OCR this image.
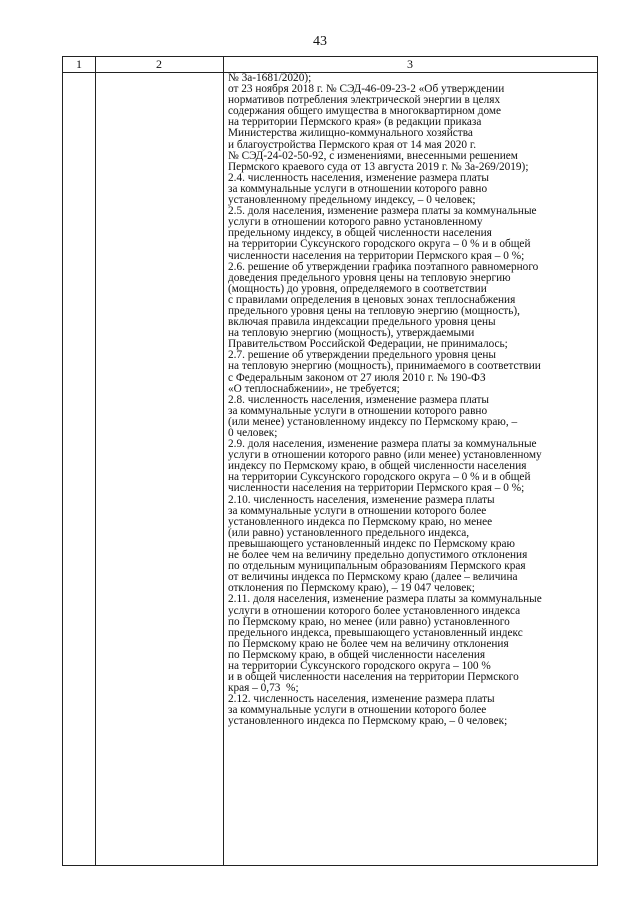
43
1	2	3
№ 3а-1681/2020);
от 23 ноября 2018 г. № СЭД-46-09-23-2 «Об утверждении
нормативов потребления электрической энергии в целях
содержания общего имущества в многоквартирном доме
на территории Пермского края» (в редакции приказа
Министерства жилищно-коммунального хозяйства
и благоустройства Пермского края от 14 мая 2020 г.
№ СЭД-24-02-50-92, с изменениями, внесенными решением
Пермского краевого суда от 13 августа 2019 г. № 3а-269/2019);
2.4. численность населения, изменение размера платы
за коммунальные услуги в отношении которого равно
установленному предельному индексу, – 0 человек;
2.5. доля населения, изменение размера платы за коммунальные
услуги в отношении которого равно установленному
предельному индексу, в общей численности населения
на территории Суксунского городского округа – 0 % и в общей
численности населения на территории Пермского края – 0 %;
2.6. решение об утверждении графика поэтапного равномерного
доведения предельного уровня цены на тепловую энергию
(мощность) до уровня, определяемого в соответствии
с правилами определения в ценовых зонах теплоснабжения
предельного уровня цены на тепловую энергию (мощность),
включая правила индексации предельного уровня цены
на тепловую энергию (мощность), утверждаемыми
Правительством Российской Федерации, не принималось;
2.7. решение об утверждении предельного уровня цены
на тепловую энергию (мощность), принимаемого в соответствии
с Федеральным законом от 27 июля 2010 г. № 190-ФЗ
«О теплоснабжении», не требуется;
2.8. численность населения, изменение размера платы
за коммунальные услуги в отношении которого равно
(или менее) установленному индексу по Пермскому краю, –
0 человек;
2.9. доля населения, изменение размера платы за коммунальные
услуги в отношении которого равно (или менее) установленному
индексу по Пермскому краю, в общей численности населения
на территории Суксунского городского округа – 0 % и в общей
численности населения на территории Пермского края – 0 %;
2.10. численность населения, изменение размера платы
за коммунальные услуги в отношении которого более
установленного индекса по Пермскому краю, но менее
(или равно) установленного предельного индекса,
превышающего установленный индекс по Пермскому краю
не более чем на величину предельно допустимого отклонения
по отдельным муниципальным образованиям Пермского края
от величины индекса по Пермскому краю (далее – величина
отклонения по Пермскому краю), – 19 047 человек;
2.11. доля населения, изменение размера платы за коммунальные
услуги в отношении которого более установленного индекса
по Пермскому краю, но менее (или равно) установленного
предельного индекса, превышающего установленный индекс
по Пермскому краю не более чем на величину отклонения
по Пермскому краю, в общей численности населения
на территории Суксунского городского округа – 100 %
и в общей численности населения на территории Пермского
края – 0,73  %;
2.12. численность населения, изменение размера платы
за коммунальные услуги в отношении которого более
установленного индекса по Пермскому краю, – 0 человек;
